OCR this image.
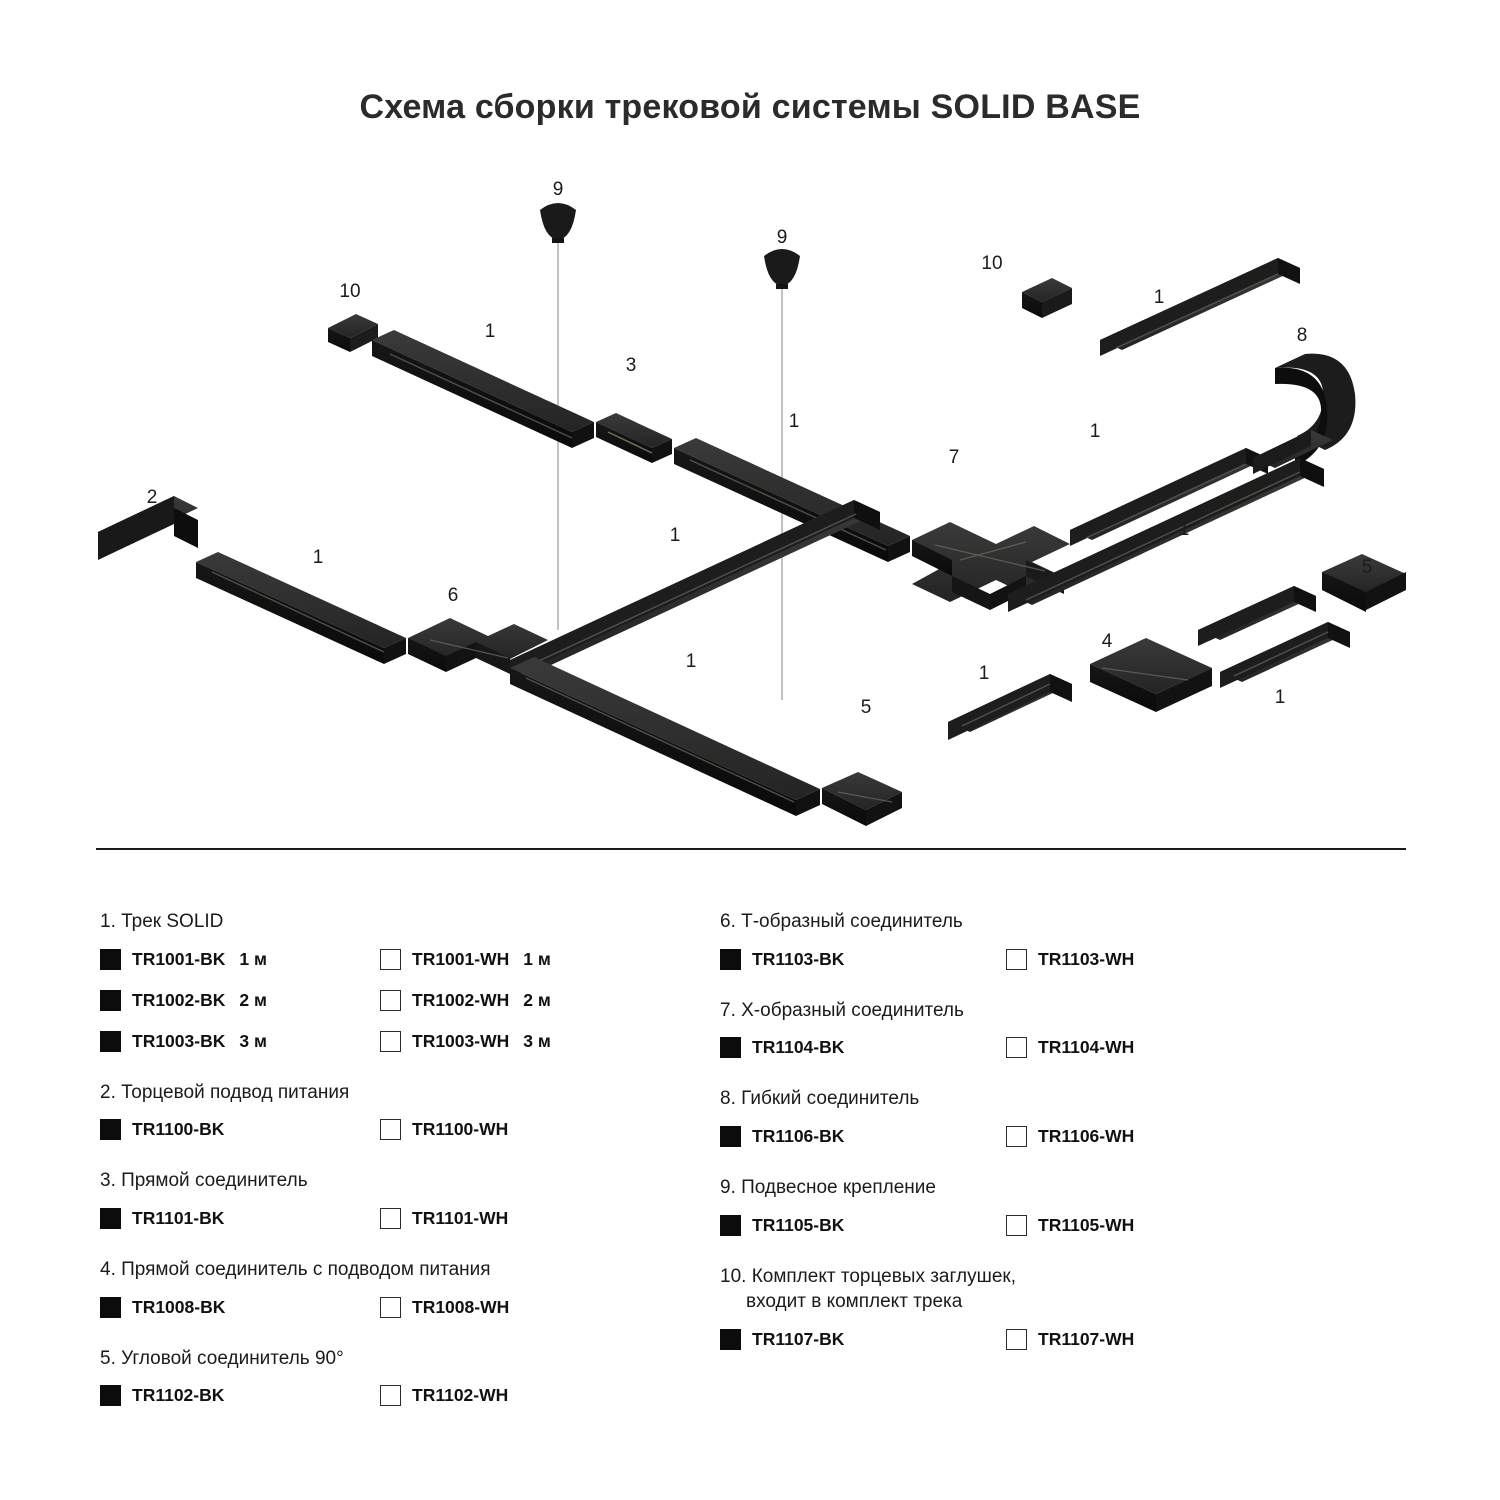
Схема сборки трековой системы SOLID BASE
9
9
10
10
1
1
3
8
1	1
7
2
1
1	1
5
6
1
4
1
1
5
1. Трек SOLID
TR1001-BK 1 м	TR1001-WH 1 м
TR1002-BK 2 м	TR1002-WH 2 м
TR1003-BK 3 м	TR1003-WH 3 м
2. Торцевой подвод питания
TR1100-BK	TR1100-WH
3. Прямой соединитель
TR1101-BK	TR1101-WH
4. Прямой соединитель с подводом питания
TR1008-BK	TR1008-WH
5. Угловой соединитель 90°
TR1102-BK	TR1102-WH
6. Т-образный соединитель
TR1103-BK	TR1103-WH
7. Х-образный соединитель
TR1104-BK	TR1104-WH
8. Гибкий соединитель
TR1106-BK	TR1106-WH
9. Подвесное крепление
TR1105-BK	TR1105-WH
10. Комплект торцевых заглушек,
входит в комплект трека
TR1107-BK	TR1107-WH
